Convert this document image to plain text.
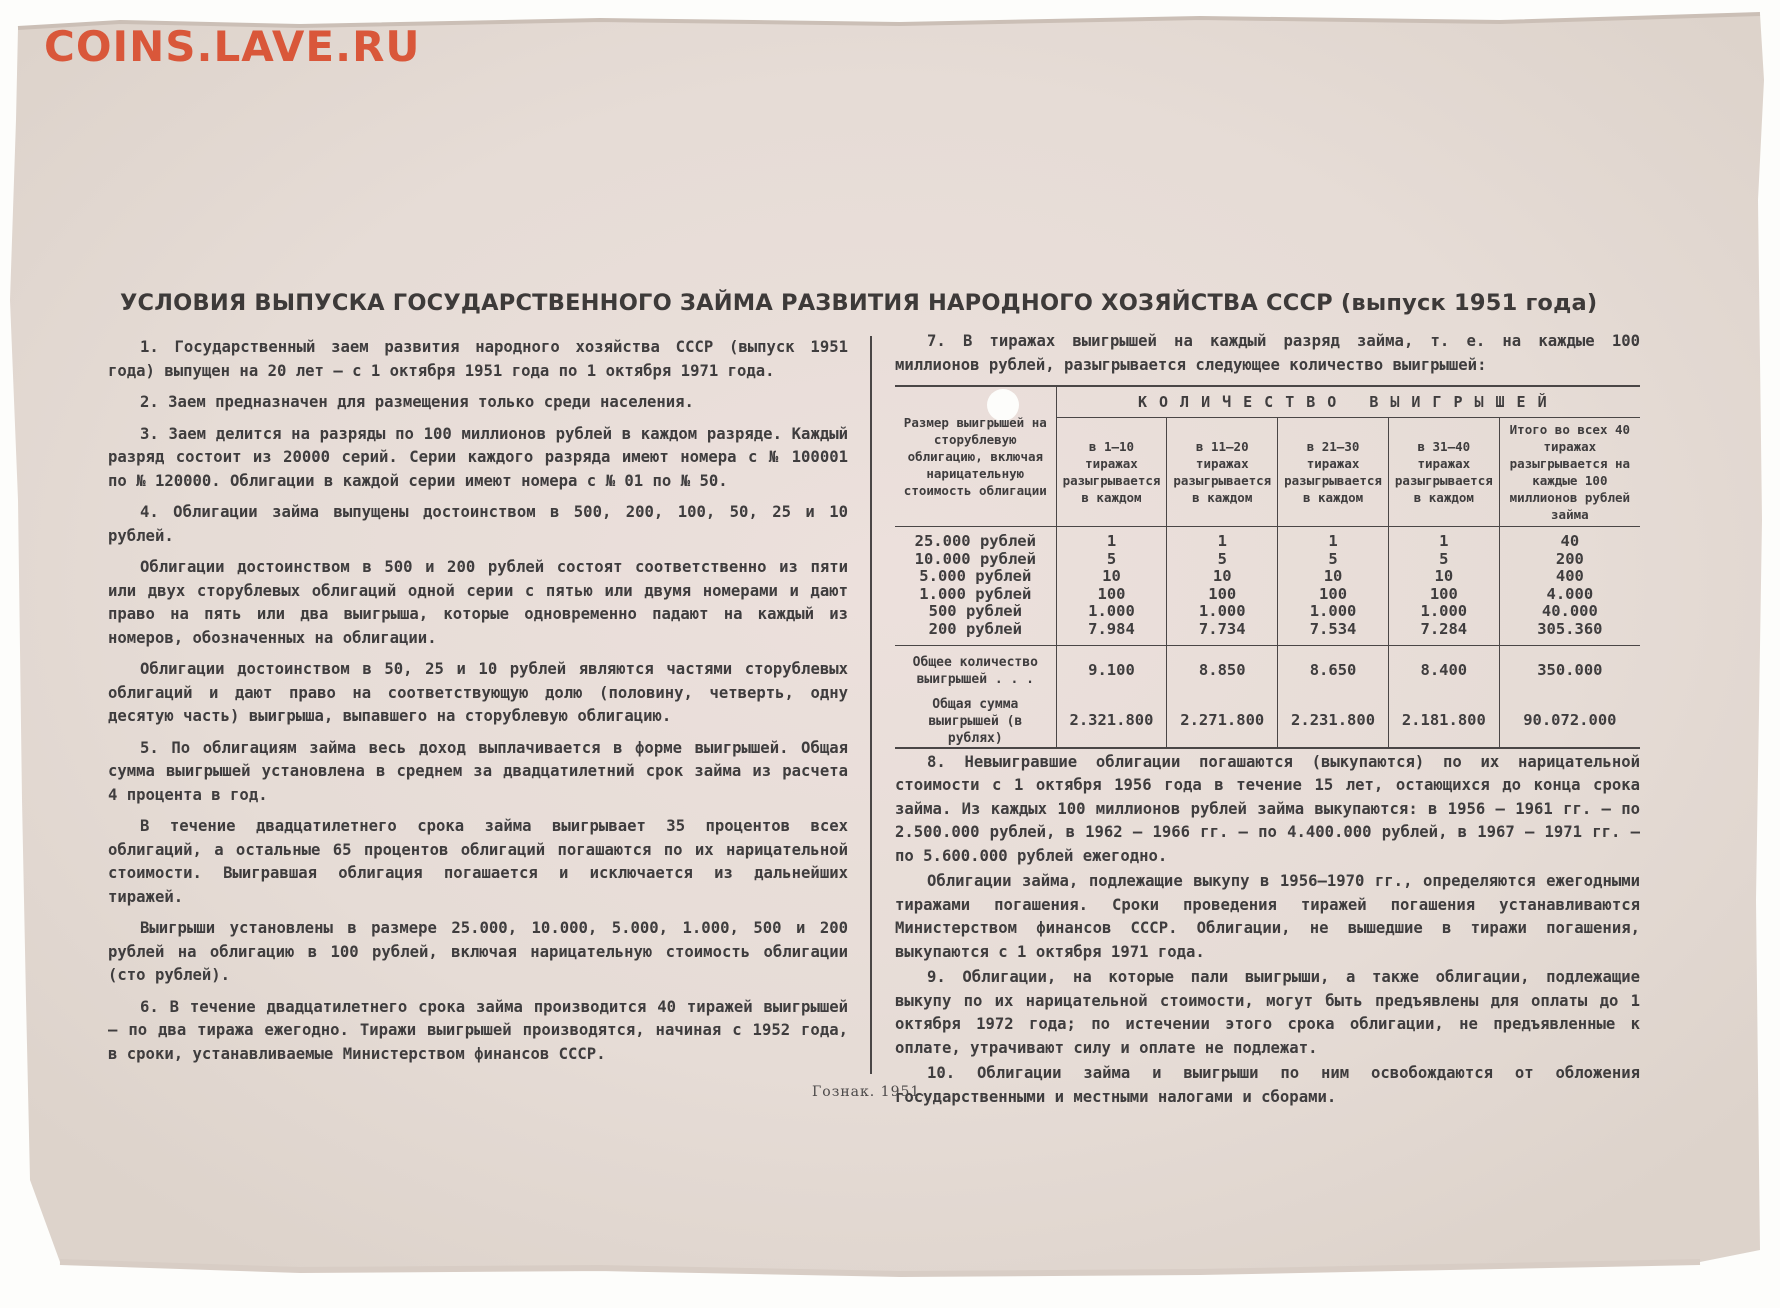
COINS.LAVE.RU
УСЛОВИЯ ВЫПУСКА ГОСУДАРСТВЕННОГО ЗАЙМА РАЗВИТИЯ НАРОДНОГО ХОЗЯЙСТВА СССР (выпуск 1951 года)

1. Государственный заем развития народного хозяйства СССР (выпуск 1951 года) выпущен на 20 лет — с 1 октября 1951 года по 1 октября 1971 года.

2. Заем предназначен для размещения только среди населения.

3. Заем делится на разряды по 100 миллионов рублей в каждом разряде. Каждый разряд состоит из 20000 серий. Серии каждого разряда имеют номера с № 100001 по № 120000. Облигации в каждой серии имеют номера с № 01 по № 50.

4. Облигации займа выпущены достоинством в 500, 200, 100, 50, 25 и 10 рублей.

Облигации достоинством в 500 и 200 рублей состоят соответственно из пяти или двух сторублевых облигаций одной серии с пятью или двумя номерами и дают право на пять или два выигрыша, которые одновременно падают на каждый из номеров, обозначенных на облигации.

Облигации достоинством в 50, 25 и 10 рублей являются частями сторублевых облигаций и дают право на соответствующую долю (половину, четверть, одну десятую часть) выигрыша, выпавшего на сторублевую облигацию.

5. По облигациям займа весь доход выплачивается в форме выигрышей. Общая сумма выигрышей установлена в среднем за двадцатилетний срок займа из расчета 4 процента в год.

В течение двадцатилетнего срока займа выигрывает 35 процентов всех облигаций, а остальные 65 процентов облигаций погашаются по их нарицательной стоимости. Выигравшая облигация погашается и исключается из дальнейших тиражей.

Выигрыши установлены в размере 25.000, 10.000, 5.000, 1.000, 500 и 200 рублей на облигацию в 100 рублей, включая нарицательную стоимость облигации (сто рублей).

6. В течение двадцатилетнего срока займа производится 40 тиражей выигрышей — по два тиража ежегодно. Тиражи выигрышей производятся, начиная с 1952 года, в сроки, устанавливаемые Министерством финансов СССР.

7. В тиражах выигрышей на каждый разряд займа, т. е. на каждые 100 миллионов рублей, разыгрывается следующее количество выигрышей:

Размер выигрышей на сторублевую облигацию, включая нарицательную стоимость облигации	КОЛИЧЕСТВО ВЫИГРЫШЕЙ				
	в 1—10 тиражах разыгрывается в каждом	в 11—20 тиражах разыгрывается в каждом	в 21—30 тиражах разыгрывается в каждом	в 31—40 тиражах разыгрывается в каждом	Итого во всех 40 тиражах разыгрывается на каждые 100 миллионов рублей займа
25.000 рублей	1	1	1	1	40
10.000 рублей	5	5	5	5	200
5.000 рублей	10	10	10	10	400
1.000 рублей	100	100	100	100	4.000
500 рублей	1.000	1.000	1.000	1.000	40.000
200 рублей	7.984	7.734	7.534	7.284	305.360
Общее количество выигрышей . . .	9.100	8.850	8.650	8.400	350.000
Общая сумма выигрышей (в рублях)	2.321.800	2.271.800	2.231.800	2.181.800	90.072.000

8. Невыигравшие облигации погашаются (выкупаются) по их нарицательной стоимости с 1 октября 1956 года в течение 15 лет, остающихся до конца срока займа. Из каждых 100 миллионов рублей займа выкупаются: в 1956 — 1961 гг. — по 2.500.000 рублей, в 1962 — 1966 гг. — по 4.400.000 рублей, в 1967 — 1971 гг. — по 5.600.000 рублей ежегодно.

Облигации займа, подлежащие выкупу в 1956—1970 гг., определяются ежегодными тиражами погашения. Сроки проведения тиражей погашения устанавливаются Министерством финансов СССР. Облигации, не вышедшие в тиражи погашения, выкупаются с 1 октября 1971 года.

9. Облигации, на которые пали выигрыши, а также облигации, подлежащие выкупу по их нарицательной стоимости, могут быть предъявлены для оплаты до 1 октября 1972 года; по истечении этого срока облигации, не предъявленные к оплате, утрачивают силу и оплате не подлежат.

10. Облигации займа и выигрыши по ним освобождаются от обложения государственными и местными налогами и сборами.

Гознак. 1951.
